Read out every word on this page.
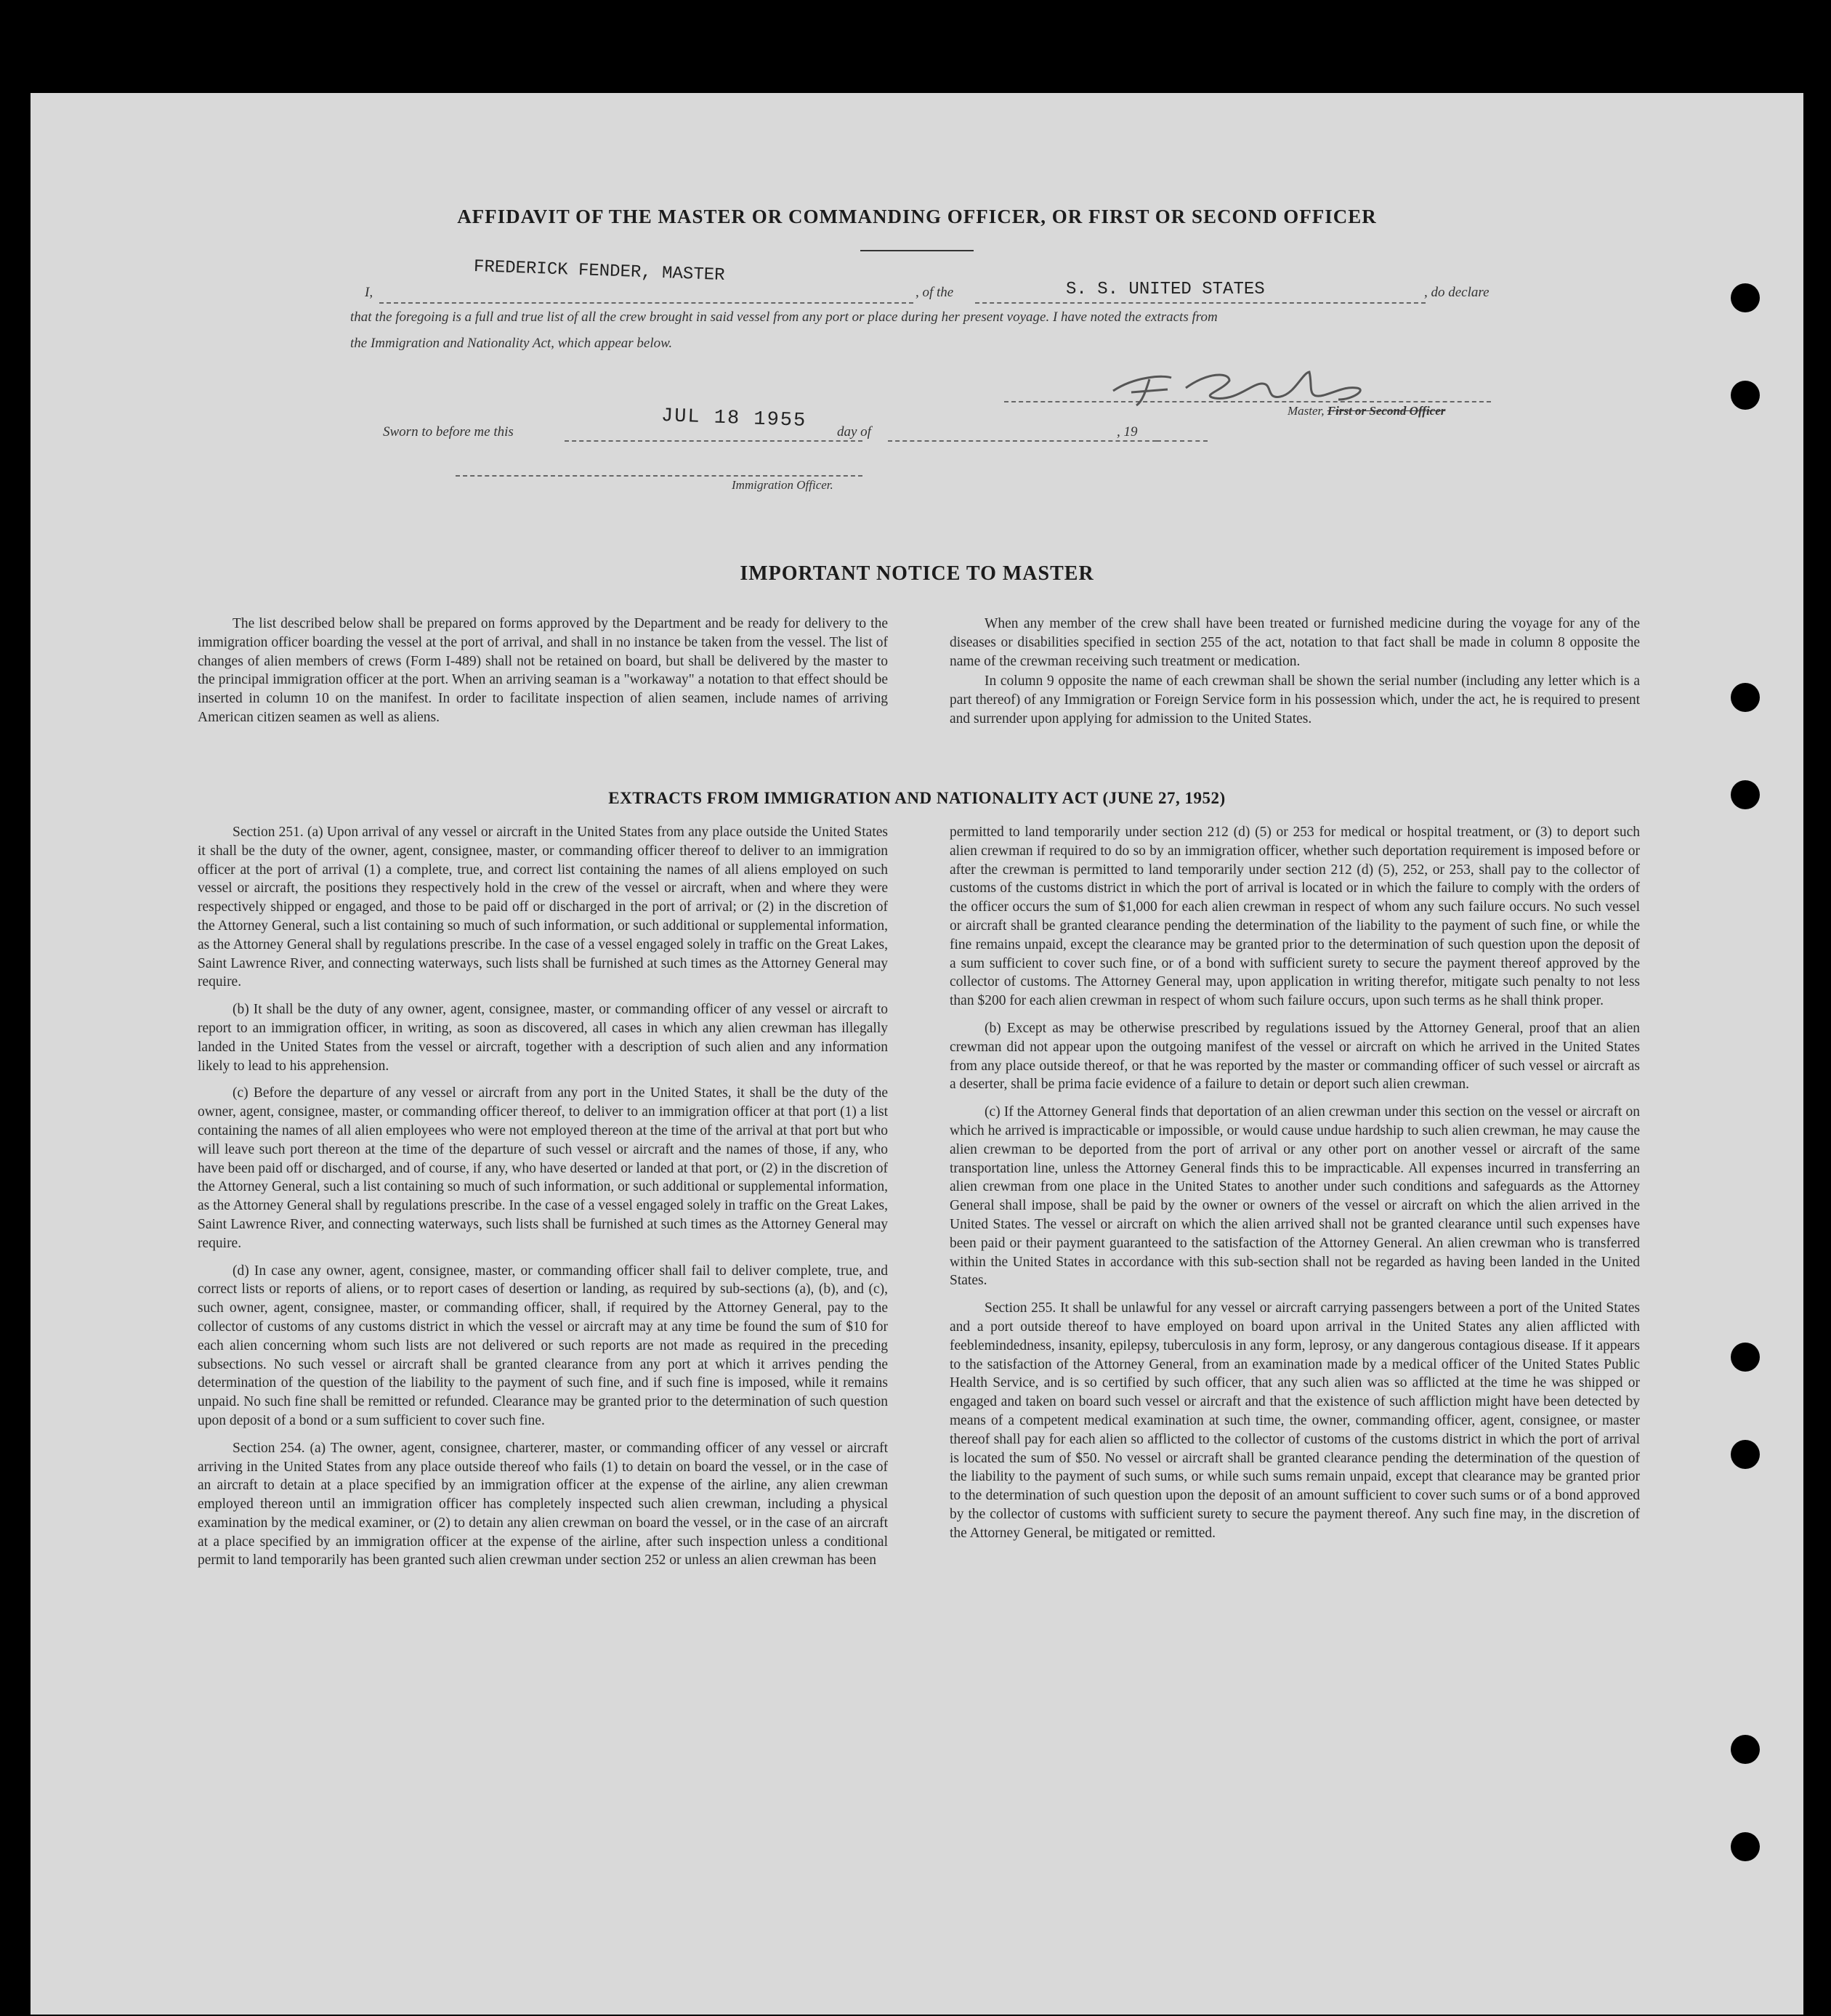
AFFIDAVIT OF THE MASTER OR COMMANDING OFFICER, OR FIRST OR SECOND OFFICER
I,
FREDERICK FENDER, MASTER
, of the	S. S. UNITED STATES	, do declare
that the foregoing is a full and true list of all the crew brought in said vessel from any port or place during her present voyage. I have noted the extracts from
the Immigration and Nationality Act, which appear below.
Master, First or Second Officer
Sworn to before me this	JUL 18 1955 day of	, 19
Immigration Officer.
IMPORTANT NOTICE TO MASTER

The list described below shall be prepared on forms approved by the Department and be ready for delivery to the immigration officer boarding the vessel at the port of arrival, and shall in no instance be taken from the vessel. The list of changes of alien members of crews (Form I-489) shall not be retained on board, but shall be delivered by the master to the principal immigration officer at the port. When an arriving seaman is a "workaway" a notation to that effect should be inserted in column 10 on the manifest. In order to facilitate inspection of alien seamen, include names of arriving American citizen seamen as well as aliens.

When any member of the crew shall have been treated or furnished medicine during the voyage for any of the diseases or disabilities specified in section 255 of the act, notation to that fact shall be made in column 8 opposite the name of the crewman receiving such treatment or medication.

In column 9 opposite the name of each crewman shall be shown the serial number (including any letter which is a part thereof) of any Immigration or Foreign Service form in his possession which, under the act, he is required to present and surrender upon applying for admission to the United States.

EXTRACTS FROM IMMIGRATION AND NATIONALITY ACT (JUNE 27, 1952)

Section 251. (a) Upon arrival of any vessel or aircraft in the United States from any place outside the United States it shall be the duty of the owner, agent, consignee, master, or commanding officer thereof to deliver to an immigration officer at the port of arrival (1) a complete, true, and correct list containing the names of all aliens employed on such vessel or aircraft, the positions they respectively hold in the crew of the vessel or aircraft, when and where they were respectively shipped or engaged, and those to be paid off or discharged in the port of arrival; or (2) in the discretion of the Attorney General, such a list containing so much of such information, or such additional or supplemental information, as the Attorney General shall by regulations prescribe. In the case of a vessel engaged solely in traffic on the Great Lakes, Saint Lawrence River, and connecting waterways, such lists shall be furnished at such times as the Attorney General may require.

(b) It shall be the duty of any owner, agent, consignee, master, or commanding officer of any vessel or aircraft to report to an immigration officer, in writing, as soon as discovered, all cases in which any alien crewman has illegally landed in the United States from the vessel or aircraft, together with a description of such alien and any information likely to lead to his apprehension.

(c) Before the departure of any vessel or aircraft from any port in the United States, it shall be the duty of the owner, agent, consignee, master, or commanding officer thereof, to deliver to an immigration officer at that port (1) a list containing the names of all alien employees who were not employed thereon at the time of the arrival at that port but who will leave such port thereon at the time of the departure of such vessel or aircraft and the names of those, if any, who have been paid off or discharged, and of course, if any, who have deserted or landed at that port, or (2) in the discretion of the Attorney General, such a list containing so much of such information, or such additional or supplemental information, as the Attorney General shall by regulations prescribe. In the case of a vessel engaged solely in traffic on the Great Lakes, Saint Lawrence River, and connecting waterways, such lists shall be furnished at such times as the Attorney General may require.

(d) In case any owner, agent, consignee, master, or commanding officer shall fail to deliver complete, true, and correct lists or reports of aliens, or to report cases of desertion or landing, as required by sub-sections (a), (b), and (c), such owner, agent, consignee, master, or commanding officer, shall, if required by the Attorney General, pay to the collector of customs of any customs district in which the vessel or aircraft may at any time be found the sum of $10 for each alien concerning whom such lists are not delivered or such reports are not made as required in the preceding subsections. No such vessel or aircraft shall be granted clearance from any port at which it arrives pending the determination of the question of the liability to the payment of such fine, and if such fine is imposed, while it remains unpaid. No such fine shall be remitted or refunded. Clearance may be granted prior to the determination of such question upon deposit of a bond or a sum sufficient to cover such fine.

Section 254. (a) The owner, agent, consignee, charterer, master, or commanding officer of any vessel or aircraft arriving in the United States from any place outside thereof who fails (1) to detain on board the vessel, or in the case of an aircraft to detain at a place specified by an immigration officer at the expense of the airline, any alien crewman employed thereon until an immigration officer has completely inspected such alien crewman, including a physical examination by the medical examiner, or (2) to detain any alien crewman on board the vessel, or in the case of an aircraft at a place specified by an immigration officer at the expense of the airline, after such inspection unless a conditional permit to land temporarily has been granted such alien crewman under section 252 or unless an alien crewman has been

permitted to land temporarily under section 212 (d) (5) or 253 for medical or hospital treatment, or (3) to deport such alien crewman if required to do so by an immigration officer, whether such deportation requirement is imposed before or after the crewman is permitted to land temporarily under section 212 (d) (5), 252, or 253, shall pay to the collector of customs of the customs district in which the port of arrival is located or in which the failure to comply with the orders of the officer occurs the sum of $1,000 for each alien crewman in respect of whom any such failure occurs. No such vessel or aircraft shall be granted clearance pending the determination of the liability to the payment of such fine, or while the fine remains unpaid, except the clearance may be granted prior to the determination of such question upon the deposit of a sum sufficient to cover such fine, or of a bond with sufficient surety to secure the payment thereof approved by the collector of customs. The Attorney General may, upon application in writing therefor, mitigate such penalty to not less than $200 for each alien crewman in respect of whom such failure occurs, upon such terms as he shall think proper.

(b) Except as may be otherwise prescribed by regulations issued by the Attorney General, proof that an alien crewman did not appear upon the outgoing manifest of the vessel or aircraft on which he arrived in the United States from any place outside thereof, or that he was reported by the master or commanding officer of such vessel or aircraft as a deserter, shall be prima facie evidence of a failure to detain or deport such alien crewman.

(c) If the Attorney General finds that deportation of an alien crewman under this section on the vessel or aircraft on which he arrived is impracticable or impossible, or would cause undue hardship to such alien crewman, he may cause the alien crewman to be deported from the port of arrival or any other port on another vessel or aircraft of the same transportation line, unless the Attorney General finds this to be impracticable. All expenses incurred in transferring an alien crewman from one place in the United States to another under such conditions and safeguards as the Attorney General shall impose, shall be paid by the owner or owners of the vessel or aircraft on which the alien arrived in the United States. The vessel or aircraft on which the alien arrived shall not be granted clearance until such expenses have been paid or their payment guaranteed to the satisfaction of the Attorney General. An alien crewman who is transferred within the United States in accordance with this sub-section shall not be regarded as having been landed in the United States.

Section 255. It shall be unlawful for any vessel or aircraft carrying passengers between a port of the United States and a port outside thereof to have employed on board upon arrival in the United States any alien afflicted with feeblemindedness, insanity, epilepsy, tuberculosis in any form, leprosy, or any dangerous contagious disease. If it appears to the satisfaction of the Attorney General, from an examination made by a medical officer of the United States Public Health Service, and is so certified by such officer, that any such alien was so afflicted at the time he was shipped or engaged and taken on board such vessel or aircraft and that the existence of such affliction might have been detected by means of a competent medical examination at such time, the owner, commanding officer, agent, consignee, or master thereof shall pay for each alien so afflicted to the collector of customs of the customs district in which the port of arrival is located the sum of $50. No vessel or aircraft shall be granted clearance pending the determination of the question of the liability to the payment of such sums, or while such sums remain unpaid, except that clearance may be granted prior to the determination of such question upon the deposit of an amount sufficient to cover such sums or of a bond approved by the collector of customs with sufficient surety to secure the payment thereof. Any such fine may, in the discretion of the Attorney General, be mitigated or remitted.
